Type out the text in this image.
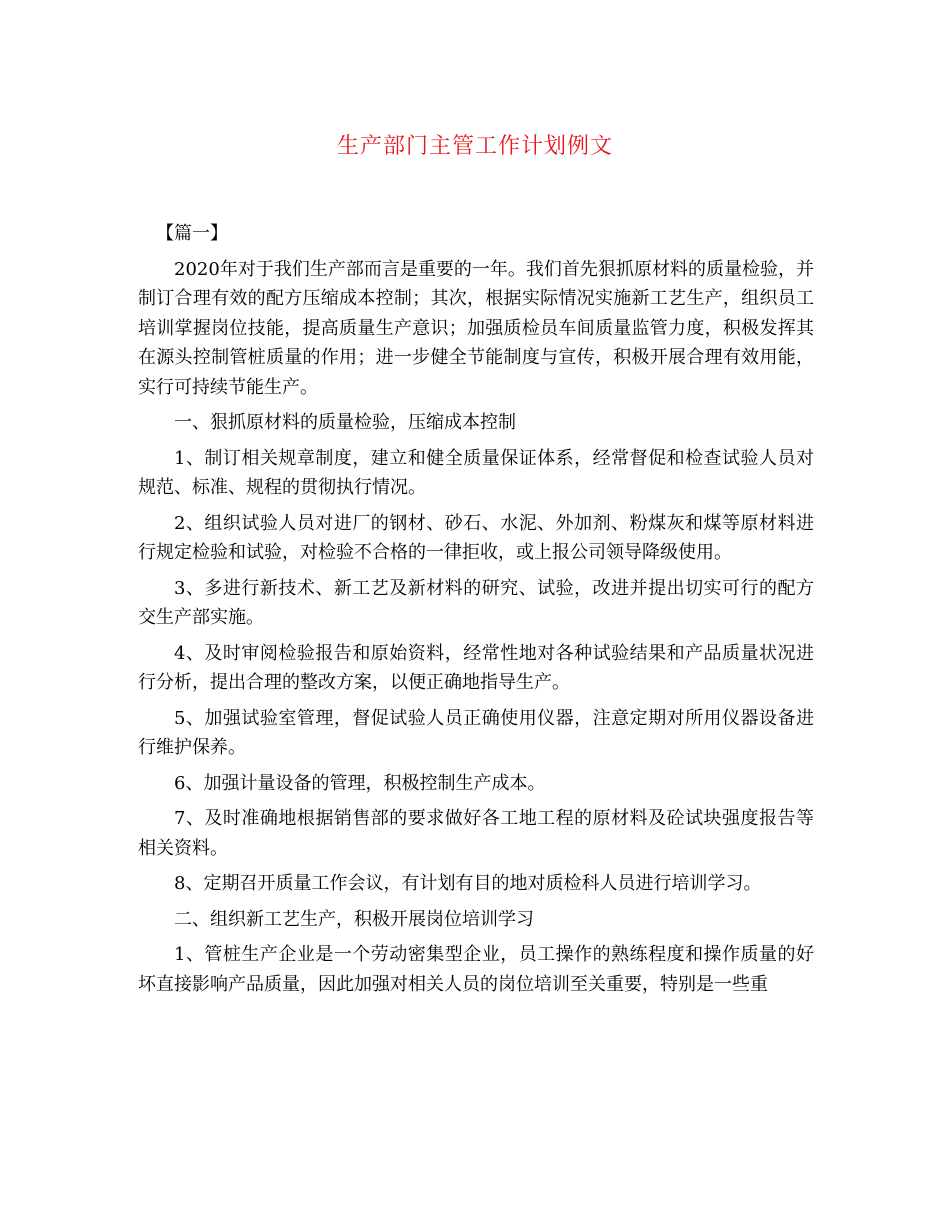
生产部门主管工作计划例文

【篇一】

2020年对于我们生产部而言是重要的一年。我们首先狠抓原材料的质量检验，并制订合理有效的配方压缩成本控制；其次，根据实际情况实施新工艺生产，组织员工培训掌握岗位技能，提高质量生产意识；加强质检员车间质量监管力度，积极发挥其在源头控制管桩质量的作用；进一步健全节能制度与宣传，积极开展合理有效用能，实行可持续节能生产。

一、狠抓原材料的质量检验，压缩成本控制

1、制订相关规章制度，建立和健全质量保证体系，经常督促和检查试验人员对规范、标准、规程的贯彻执行情况。

2、组织试验人员对进厂的钢材、砂石、水泥、外加剂、粉煤灰和煤等原材料进行规定检验和试验，对检验不合格的一律拒收，或上报公司领导降级使用。

3、多进行新技术、新工艺及新材料的研究、试验，改进并提出切实可行的配方交生产部实施。

4、及时审阅检验报告和原始资料，经常性地对各种试验结果和产品质量状况进行分析，提出合理的整改方案，以便正确地指导生产。

5、加强试验室管理，督促试验人员正确使用仪器，注意定期对所用仪器设备进行维护保养。

6、加强计量设备的管理，积极控制生产成本。

7、及时准确地根据销售部的要求做好各工地工程的原材料及砼试块强度报告等相关资料。

8、定期召开质量工作会议，有计划有目的地对质检科人员进行培训学习。

二、组织新工艺生产，积极开展岗位培训学习

1、管桩生产企业是一个劳动密集型企业，员工操作的熟练程度和操作质量的好坏直接影响产品质量，因此加强对相关人员的岗位培训至关重要，特别是一些重
